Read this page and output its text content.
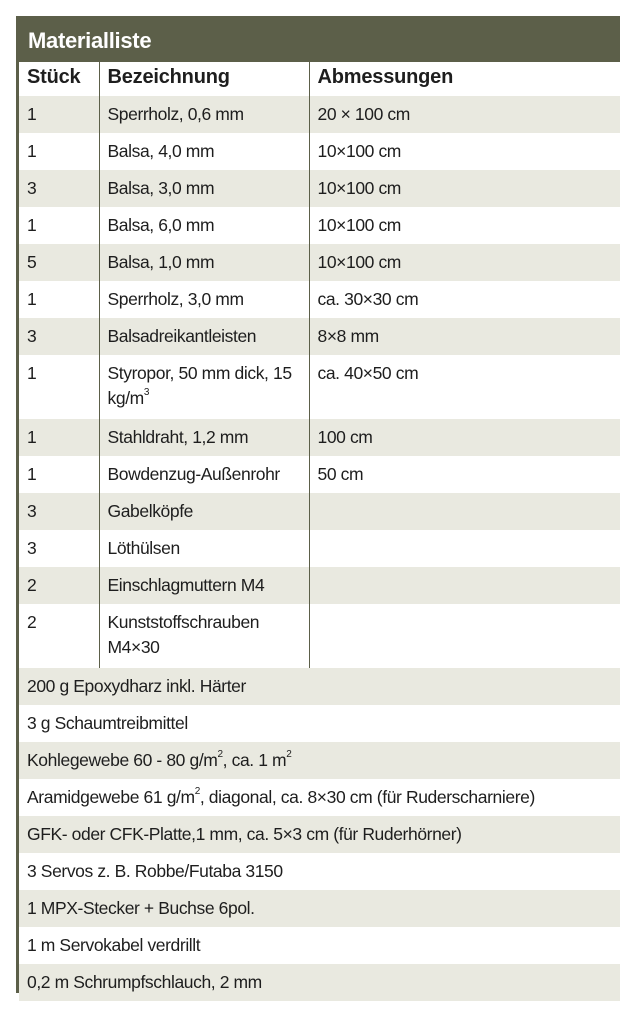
Materialliste
Stück	Bezeichnung	Abmessungen
1	Sperrholz, 0,6 mm	20 × 100 cm
1	Balsa, 4,0 mm	10×100 cm
3	Balsa, 3,0 mm	10×100 cm
1	Balsa, 6,0 mm	10×100 cm
5	Balsa, 1,0 mm	10×100 cm
1	Sperrholz, 3,0 mm	ca. 30×30 cm
3	Balsadreikantleisten	8×8 mm
1	Styropor, 50 mm dick, 15 $kg/m^3$	ca. 40×50 cm
1	Stahldraht, 1,2 mm	100 cm
1	Bowdenzug-Außenrohr	50 cm
3	Gabelköpfe	
3	Löthülsen	
2	Einschlagmuttern M4	
2	Kunststoffschrauben M4×30	
200 g Epoxydharz inkl. Härter		
3 g Schaumtreibmittel		
Kohlegewebe 60 - 80 $g/m^2$, ca. 1 $m^2$
Aramidgewebe 61 $g/m^2$, diagonal, ca. 8×30 cm (für Ruderscharniere)		
GFK- oder CFK-Platte,1 mm, ca. 5×3 cm (für Ruderhörner)		
3 Servos z. B. Robbe/Futaba 3150		
1 MPX-Stecker + Buchse 6pol.		
1 m Servokabel verdrillt		
0,2 m Schrumpfschlauch, 2 mm		
